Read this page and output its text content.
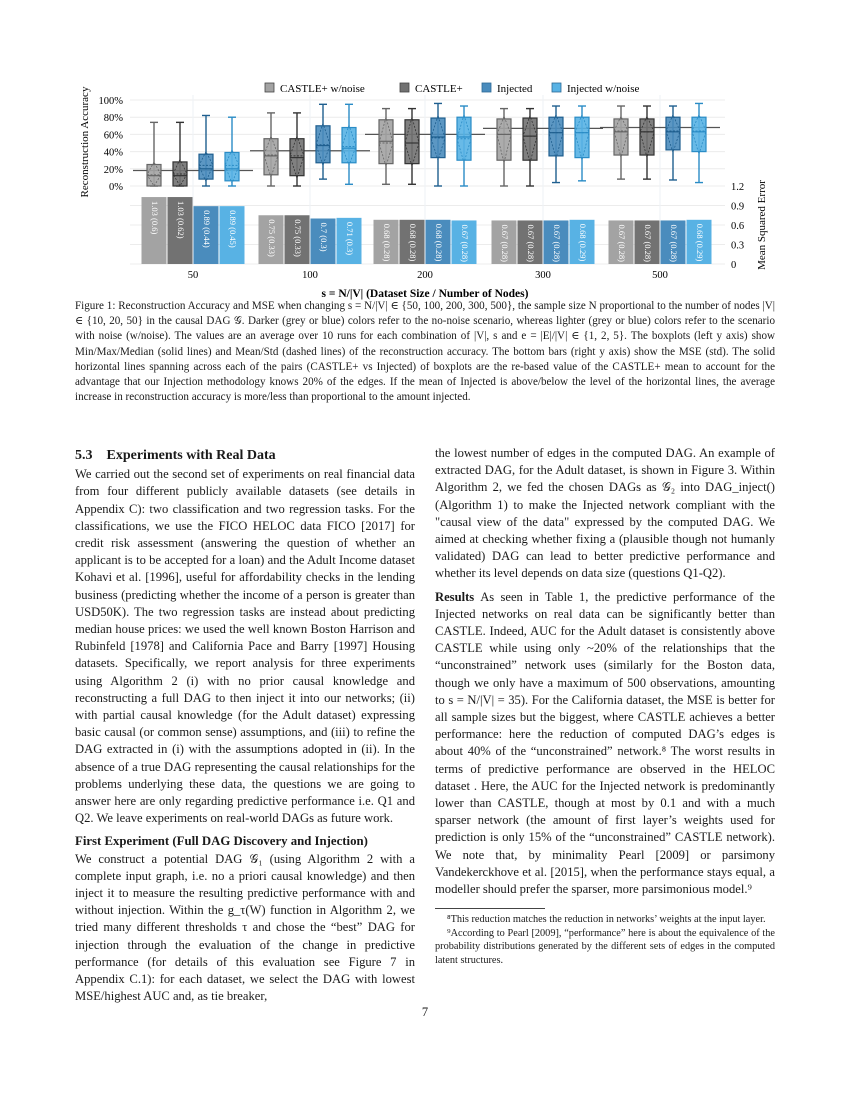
0%
20%
40%
60%
80%
100%
0
0.3
0.6
0.9
1.2
Reconstruction Accuracy
Mean Squared Error
s = N/|V| (Dataset Size / Number of Nodes)
50	100	200	300	500
CASTLE+ w/noise	CASTLE+	Injected	Injected w/noise
1.03 (0.6)
0.75 (0.33)	0.68 (0.28)	0.67 (0.28)	0.67 (0.28)
1.03 (0.62)	0.75 (0.33)	0.68 (0.28)	0.67 (0.28)	0.67 (0.28)
0.89 (0.44)	0.7 (0.3)	0.68 (0.28)	0.67 (0.28)	0.67 (0.28)
0.89 (0.45)	0.71 (0.3)	0.67 (0.28)	0.68 (0.29)	0.68 (0.29)
Figure 1: Reconstruction Accuracy and MSE when changing s = N/|V| ∈ {50, 100, 200, 300, 500}, the sample size N proportional to the number of nodes |V| ∈ {10, 20, 50} in the causal DAG 𝒢. Darker (grey or blue) colors refer to the no-noise scenario, whereas lighter (grey or blue) colors refer to the scenario with noise (w/noise). The values are an average over 10 runs for each combination of |V|, s and e = |E|/|V| ∈ {1, 2, 5}. The boxplots (left y axis) show Min/Max/Median (solid lines) and Mean/Std (dashed lines) of the reconstruction accuracy. The bottom bars (right y axis) show the MSE (std). The solid horizontal lines spanning across each of the pairs (CASTLE+ vs Injected) of boxplots are the re-based value of the CASTLE+ mean to account for the advantage that our Injection methodology knows 20% of the edges. If the mean of Injected is above/below the level of the horizontal lines, the average increase in reconstruction accuracy is more/less than proportional to the amount injected.
5.3 Experiments with Real Data

We carried out the second set of experiments on real financial data from four different publicly available datasets (see details in Appendix C): two classification and two regression tasks. For the classifications, we use the FICO HELOC data FICO [2017] for credit risk assessment (answering the question of whether an applicant is to be accepted for a loan) and the Adult Income dataset Kohavi et al. [1996], useful for affordability checks in the lending business (predicting whether the income of a person is greater than USD50K). The two regression tasks are instead about predicting median house prices: we used the well known Boston Harrison and Rubinfeld [1978] and California Pace and Barry [1997] Housing datasets. Specifically, we report analysis for three experiments using Algorithm 2 (i) with no prior causal knowledge and reconstructing a full DAG to then inject it into our networks; (ii) with partial causal knowledge (for the Adult dataset) expressing basic causal (or common sense) assumptions, and (iii) to refine the DAG extracted in (i) with the assumptions adopted in (ii). In the absence of a true DAG representing the causal relationships for the problems underlying these data, the questions we are going to answer here are only regarding predictive performance i.e. Q1 and Q2. We leave experiments on real-world DAGs as future work.

First Experiment (Full DAG Discovery and Injection)

We construct a potential DAG 𝒢₁ (using Algorithm 2 with a complete input graph, i.e. no a priori causal knowledge) and then inject it to measure the resulting predictive performance with and without injection. Within the g_τ(W) function in Algorithm 2, we tried many different thresholds τ and chose the “best” DAG for injection through the evaluation of the change in predictive performance (for details of this evaluation see Figure 7 in Appendix C.1): for each dataset, we select the DAG with lowest MSE/highest AUC and, as tie breaker,

the lowest number of edges in the computed DAG. An example of extracted DAG, for the Adult dataset, is shown in Figure 3. Within Algorithm 2, we fed the chosen DAGs as 𝒢₂ into DAG_inject() (Algorithm 1) to make the Injected network compliant with the "causal view of the data" expressed by the computed DAG. We aimed at checking whether fixing a (plausible though not humanly validated) DAG can lead to better predictive performance and whether its level depends on data size (questions Q1-Q2).

Results As seen in Table 1, the predictive performance of the Injected networks on real data can be significantly better than CASTLE. Indeed, AUC for the Adult dataset is consistently above CASTLE while using only ~20% of the relationships that the “unconstrained” network uses (similarly for the Boston data, though we only have a maximum of 500 observations, amounting to s = N/|V| = 35). For the California dataset, the MSE is better for all sample sizes but the biggest, where CASTLE achieves a better performance: here the reduction of computed DAG’s edges is about 40% of the “unconstrained” network.⁸ The worst results in terms of predictive performance are observed in the HELOC dataset . Here, the AUC for the Injected network is predominantly lower than CASTLE, though at most by 0.1 and with a much sparser network (the amount of first layer’s weights used for prediction is only 15% of the “unconstrained” CASTLE network). We note that, by minimality Pearl [2009] or parsimony Vandekerckhove et al. [2015], when the performance stays equal, a modeller should prefer the sparser, more parsimonious model.⁹

⁸This reduction matches the reduction in networks’ weights at the input layer.

⁹According to Pearl [2009], “performance” here is about the equivalence of the probability distributions generated by the different sets of edges in the computed latent structures.

7
